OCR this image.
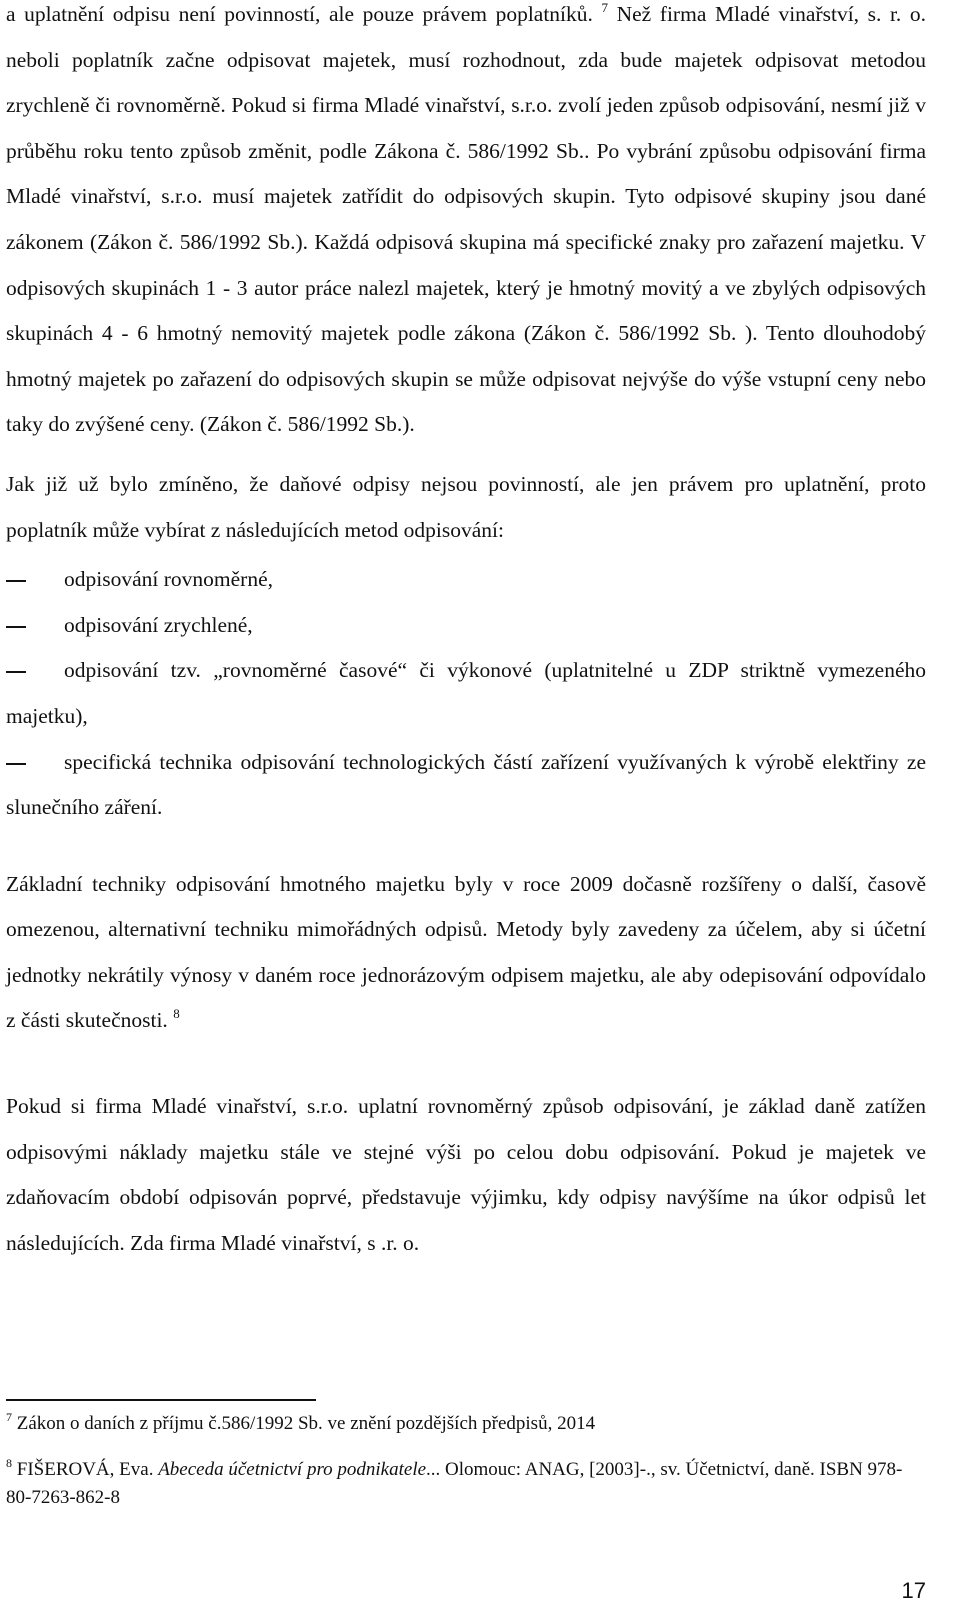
a uplatnění odpisu není povinností, ale pouze právem poplatníků. $^7$ Než firma Mladé vinařství, s. r. o. neboli poplatník začne odpisovat majetek, musí rozhodnout, zda bude majetek odpisovat metodou zrychleně či rovnoměrně. Pokud si firma Mladé vinařství, s.r.o. zvolí jeden způsob odpisování, nesmí již v průběhu roku tento způsob změnit, podle Zákona č. 586/1992 Sb.. Po vybrání způsobu odpisování firma Mladé vinařství, s.r.o. musí majetek zatřídit do odpisových skupin. Tyto odpisové skupiny jsou dané zákonem (Zákon č. 586/1992 Sb.). Každá odpisová skupina má specifické znaky pro zařazení majetku. V odpisových skupinách 1 - 3 autor práce nalezl majetek, který je hmotný movitý a ve zbylých odpisových skupinách 4 - 6 hmotný nemovitý majetek podle zákona (Zákon č. 586/1992 Sb. ). Tento dlouhodobý hmotný majetek po zařazení do odpisových skupin se může odpisovat nejvýše do výše vstupní ceny nebo taky do zvýšené ceny. (Zákon č. 586/1992 Sb.).

Jak již už bylo zmíněno, že daňové odpisy nejsou povinností, ale jen právem pro uplatnění, proto poplatník může vybírat z následujících metod odpisování:

odpisování rovnoměrné,
odpisování zrychlené,
odpisování tzv. „rovnoměrné časové“ či výkonové (uplatnitelné u ZDP striktně vymezeného majetku),
specifická technika odpisování technologických částí zařízení využívaných k výrobě elektřiny ze slunečního záření.

Základní techniky odpisování hmotného majetku byly v roce 2009 dočasně rozšířeny o další, časově omezenou, alternativní techniku mimořádných odpisů. Metody byly zavedeny za účelem, aby si účetní jednotky nekrátily výnosy v daném roce jednorázovým odpisem majetku, ale aby odepisování odpovídalo z části skutečnosti. $^8$

Pokud si firma Mladé vinařství, s.r.o. uplatní rovnoměrný způsob odpisování, je základ daně zatížen odpisovými náklady majetku stále ve stejné výši po celou dobu odpisování. Pokud je majetek ve zdaňovacím období odpisován poprvé, představuje výjimku, kdy odpisy navýšíme na úkor odpisů let následujících. Zda firma Mladé vinařství, s .r. o.

$^7$ Zákon o daních z příjmu č.586/1992 Sb. ve znění pozdějších předpisů, 2014

$^8$ FIŠEROVÁ, Eva. Abeceda účetnictví pro podnikatele... Olomouc: ANAG, [2003]-., sv. Účetnictví, daně. ISBN 978-80-7263-862-8

17
